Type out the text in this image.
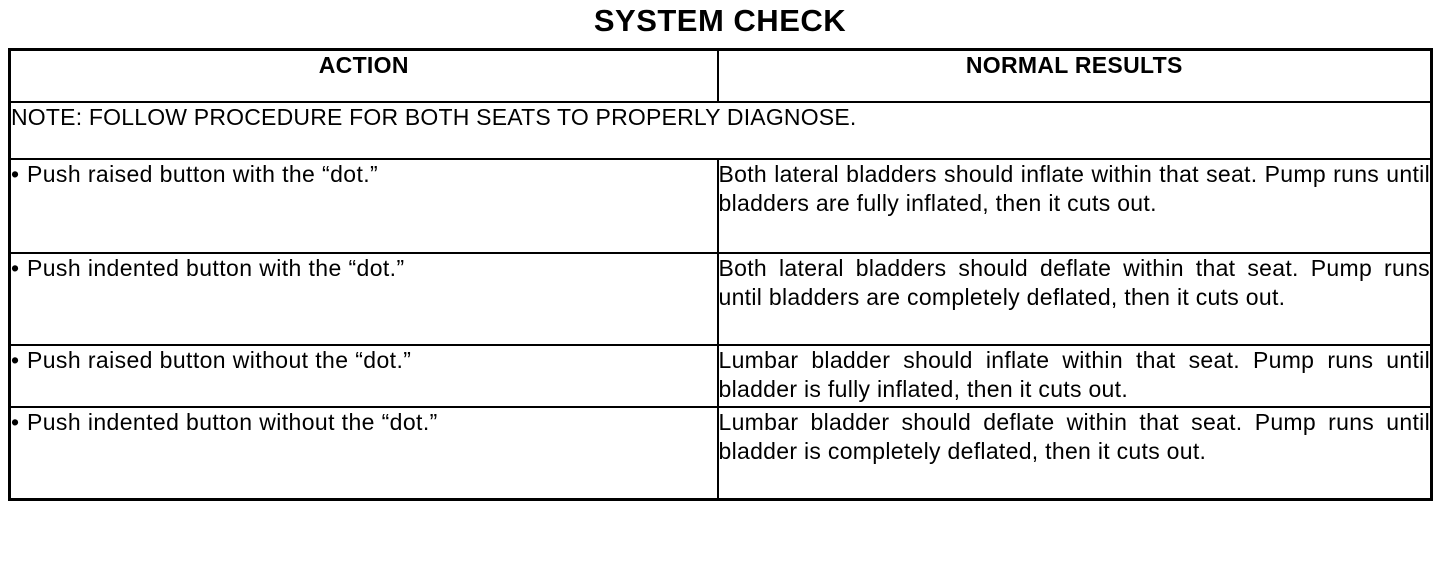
SYSTEM CHECK
ACTION	NORMAL RESULTS
NOTE: FOLLOW PROCEDURE FOR BOTH SEATS TO PROPERLY DIAGNOSE.	
• Push raised button with the “dot.”	Both lateral bladders should inflate within that seat. Pump runs until bladders are fully inflated, then it cuts out.
• Push indented button with the “dot.”	Both lateral bladders should deflate within that seat. Pump runs until bladders are completely deflated, then it cuts out.
• Push raised button without the “dot.”	Lumbar bladder should inflate within that seat. Pump runs until bladder is fully inflated, then it cuts out.
• Push indented button without the “dot.”	Lumbar bladder should deflate within that seat. Pump runs until bladder is completely deflated, then it cuts out.
